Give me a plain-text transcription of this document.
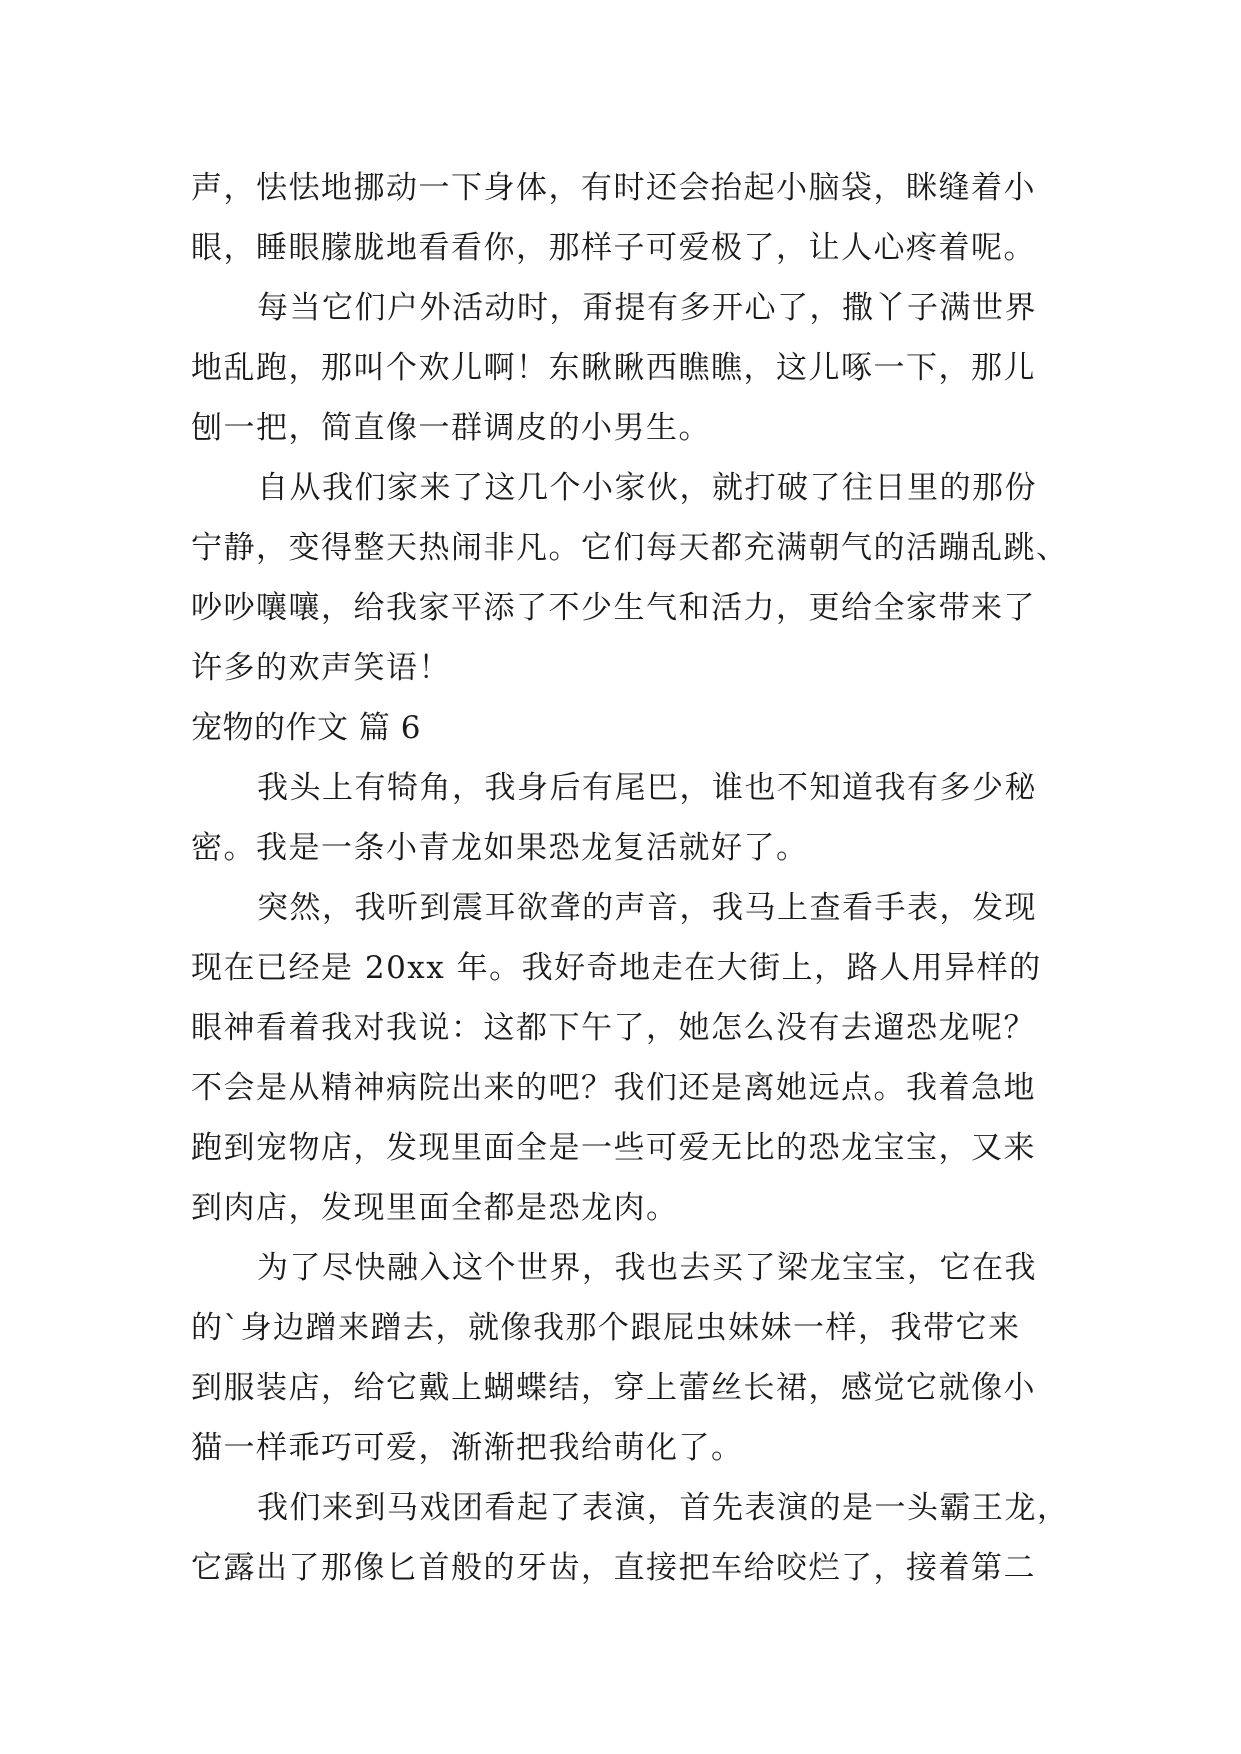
声，怯怯地挪动一下身体，有时还会抬起小脑袋，眯缝着小
眼，睡眼朦胧地看看你，那样子可爱极了，让人心疼着呢。
每当它们户外活动时，甭提有多开心了，撒丫子满世界
地乱跑，那叫个欢儿啊！东瞅瞅西瞧瞧，这儿啄一下，那儿
刨一把，简直像一群调皮的小男生。
自从我们家来了这几个小家伙，就打破了往日里的那份
宁静，变得整天热闹非凡。它们每天都充满朝气的活蹦乱跳、
吵吵嚷嚷，给我家平添了不少生气和活力，更给全家带来了
许多的欢声笑语！
宠物的作文 篇 6
我头上有犄角，我身后有尾巴，谁也不知道我有多少秘
密。我是一条小青龙如果恐龙复活就好了。
突然，我听到震耳欲聋的声音，我马上查看手表，发现
现在已经是 20xx 年。我好奇地走在大街上，路人用异样的
眼神看着我对我说：这都下午了，她怎么没有去遛恐龙呢？
不会是从精神病院出来的吧？我们还是离她远点。我着急地
跑到宠物店，发现里面全是一些可爱无比的恐龙宝宝，又来
到肉店，发现里面全都是恐龙肉。
为了尽快融入这个世界，我也去买了梁龙宝宝，它在我
的`身边蹭来蹭去，就像我那个跟屁虫妹妹一样，我带它来
到服装店，给它戴上蝴蝶结，穿上蕾丝长裙，感觉它就像小
猫一样乖巧可爱，渐渐把我给萌化了。
我们来到马戏团看起了表演，首先表演的是一头霸王龙，
它露出了那像匕首般的牙齿，直接把车给咬烂了，接着第二
